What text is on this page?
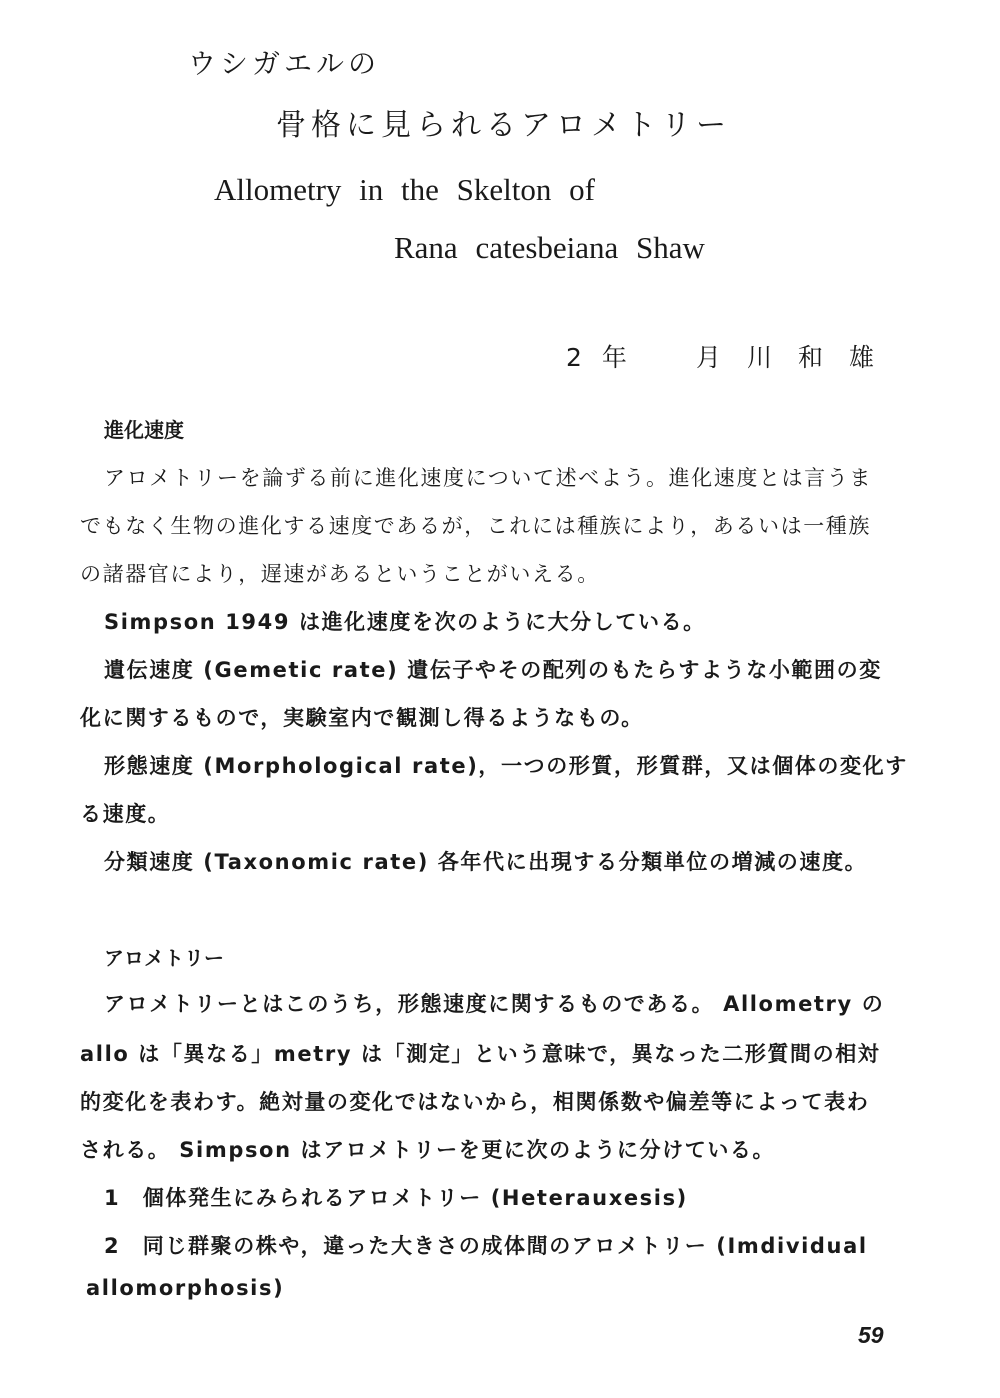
ウシガエルの
骨格に見られるアロメトリー
Allometry in the Skelton of
Rana catesbeiana Shaw
2年	月川和雄
進化速度
アロメトリーを論ずる前に進化速度について述べよう。進化速度とは言うま
でもなく生物の進化する速度であるが，これには種族により，あるいは一種族
の諸器官により，遅速があるということがいえる。
Simpson 1949 は進化速度を次のように大分している。
遺伝速度 (Gemetic rate) 遺伝子やその配列のもたらすような小範囲の変
化に関するもので，実験室内で観測し得るようなもの。
形態速度 (Morphological rate)，一つの形質，形質群，又は個体の変化す
る速度。
分類速度 (Taxonomic rate) 各年代に出現する分類単位の増減の速度。
アロメトリー
アロメトリーとはこのうち，形態速度に関するものである。 Allometry の
allo は「異なる」metry は「測定」という意味で，異なった二形質間の相対
的変化を表わす。絶対量の変化ではないから，相関係数や偏差等によって表わ
される。 Simpson はアロメトリーを更に次のように分けている。
1　個体発生にみられるアロメトリー (Heterauxesis)
2　同じ群聚の株や，違った大きさの成体間のアロメトリー (Imdividual
allomorphosis)
59
